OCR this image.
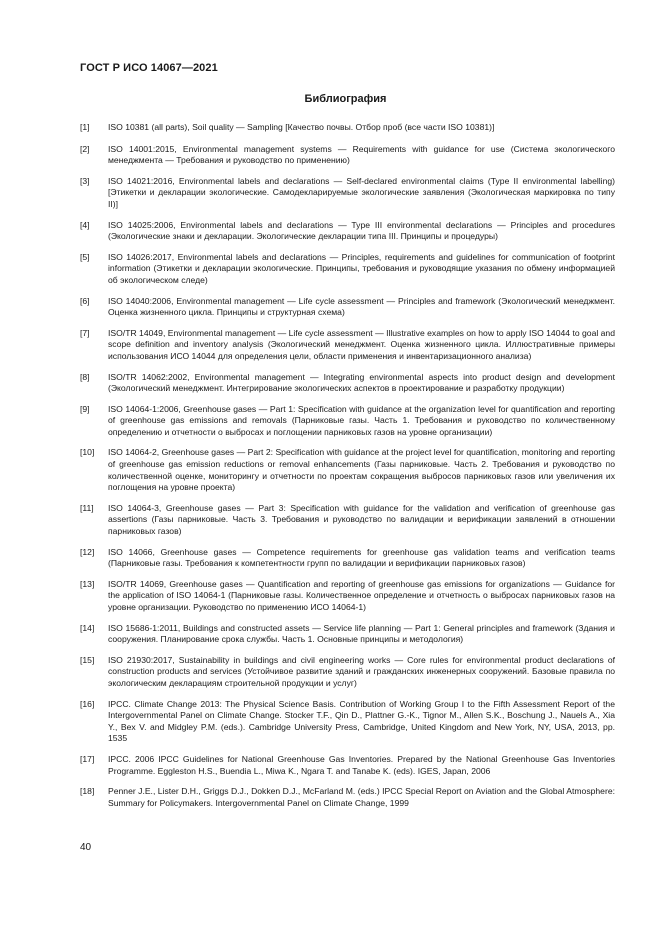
ГОСТ Р ИСО 14067—2021
Библиография
[1]	ISO 10381 (all parts), Soil quality — Sampling [Качество почвы. Отбор проб (все части ISO 10381)]
[2]	ISO 14001:2015, Environmental management systems — Requirements with guidance for use (Система экологического менеджмента — Требования и руководство по применению)
[3]	ISO 14021:2016, Environmental labels and declarations — Self-declared environmental claims (Type II environmental labelling) [Этикетки и декларации экологические. Самодекларируемые экологические заявления (Экологическая маркировка по типу II)]
[4]	ISO 14025:2006, Environmental labels and declarations — Type III environmental declarations — Principles and procedures (Экологические знаки и декларации. Экологические декларации типа III. Принципы и процедуры)
[5]	ISO 14026:2017, Environmental labels and declarations — Principles, requirements and guidelines for communication of footprint information (Этикетки и декларации экологические. Принципы, требования и руководящие указания по обмену информацией об экологическом следе)
[6]	ISO 14040:2006, Environmental management — Life cycle assessment — Principles and framework (Экологический менеджмент. Оценка жизненного цикла. Принципы и структурная схема)
[7]	ISO/TR 14049, Environmental management — Life cycle assessment — Illustrative examples on how to apply ISO 14044 to goal and scope definition and inventory analysis (Экологический менеджмент. Оценка жизненного цикла. Иллюстративные примеры использования ИСО 14044 для определения цели, области применения и инвентаризационного анализа)
[8]	ISO/TR 14062:2002, Environmental management — Integrating environmental aspects into product design and development (Экологический менеджмент. Интегрирование экологических аспектов в проектирование и разработку продукции)
[9]	ISO 14064-1:2006, Greenhouse gases — Part 1: Specification with guidance at the organization level for quantification and reporting of greenhouse gas emissions and removals (Парниковые газы. Часть 1. Требования и руководство по количественному определению и отчетности о выбросах и поглощении парниковых газов на уровне организации)
[10]	ISO 14064-2, Greenhouse gases — Part 2: Specification with guidance at the project level for quantification, monitoring and reporting of greenhouse gas emission reductions or removal enhancements (Газы парниковые. Часть 2. Требования и руководство по количественной оценке, мониторингу и отчетности по проектам сокращения выбросов парниковых газов или увеличения их поглощения на уровне проекта)
[11]	ISO 14064-3, Greenhouse gases — Part 3: Specification with guidance for the validation and verification of greenhouse gas assertions (Газы парниковые. Часть 3. Требования и руководство по валидации и верификации заявлений в отношении парниковых газов)
[12]	ISO 14066, Greenhouse gases — Competence requirements for greenhouse gas validation teams and verification teams (Парниковые газы. Требования к компетентности групп по валидации и верификации парниковых газов)
[13]	ISO/TR 14069, Greenhouse gases — Quantification and reporting of greenhouse gas emissions for organizations — Guidance for the application of ISO 14064-1 (Парниковые газы. Количественное определение и отчетность о выбросах парниковых газов на уровне организации. Руководство по применению ИСО 14064-1)
[14]	ISO 15686-1:2011, Buildings and constructed assets — Service life planning — Part 1: General principles and framework (Здания и сооружения. Планирование срока службы. Часть 1. Основные принципы и методология)
[15]	ISO 21930:2017, Sustainability in buildings and civil engineering works — Core rules for environmental product declarations of construction products and services (Устойчивое развитие зданий и гражданских инженерных сооружений. Базовые правила по экологическим декларациям строительной продукции и услуг)
[16]	IPCC. Climate Change 2013: The Physical Science Basis. Contribution of Working Group I to the Fifth Assessment Report of the Intergovernmental Panel on Climate Change. Stocker T.F., Qin D., Plattner G.-K., Tignor M., Allen S.K., Boschung J., Nauels A., Xia Y., Bex V. and Midgley P.M. (eds.). Cambridge University Press, Cambridge, United Kingdom and New York, NY, USA, 2013, pp. 1535
[17]	IPCC. 2006 IPCC Guidelines for National Greenhouse Gas Inventories. Prepared by the National Greenhouse Gas Inventories Programme. Eggleston H.S., Buendia L., Miwa K., Ngara T. and Tanabe K. (eds). IGES, Japan, 2006
[18]	Penner J.E., Lister D.H., Griggs D.J., Dokken D.J., McFarland M. (eds.) IPCC Special Report on Aviation and the Global Atmosphere: Summary for Policymakers. Intergovernmental Panel on Climate Change, 1999
40
